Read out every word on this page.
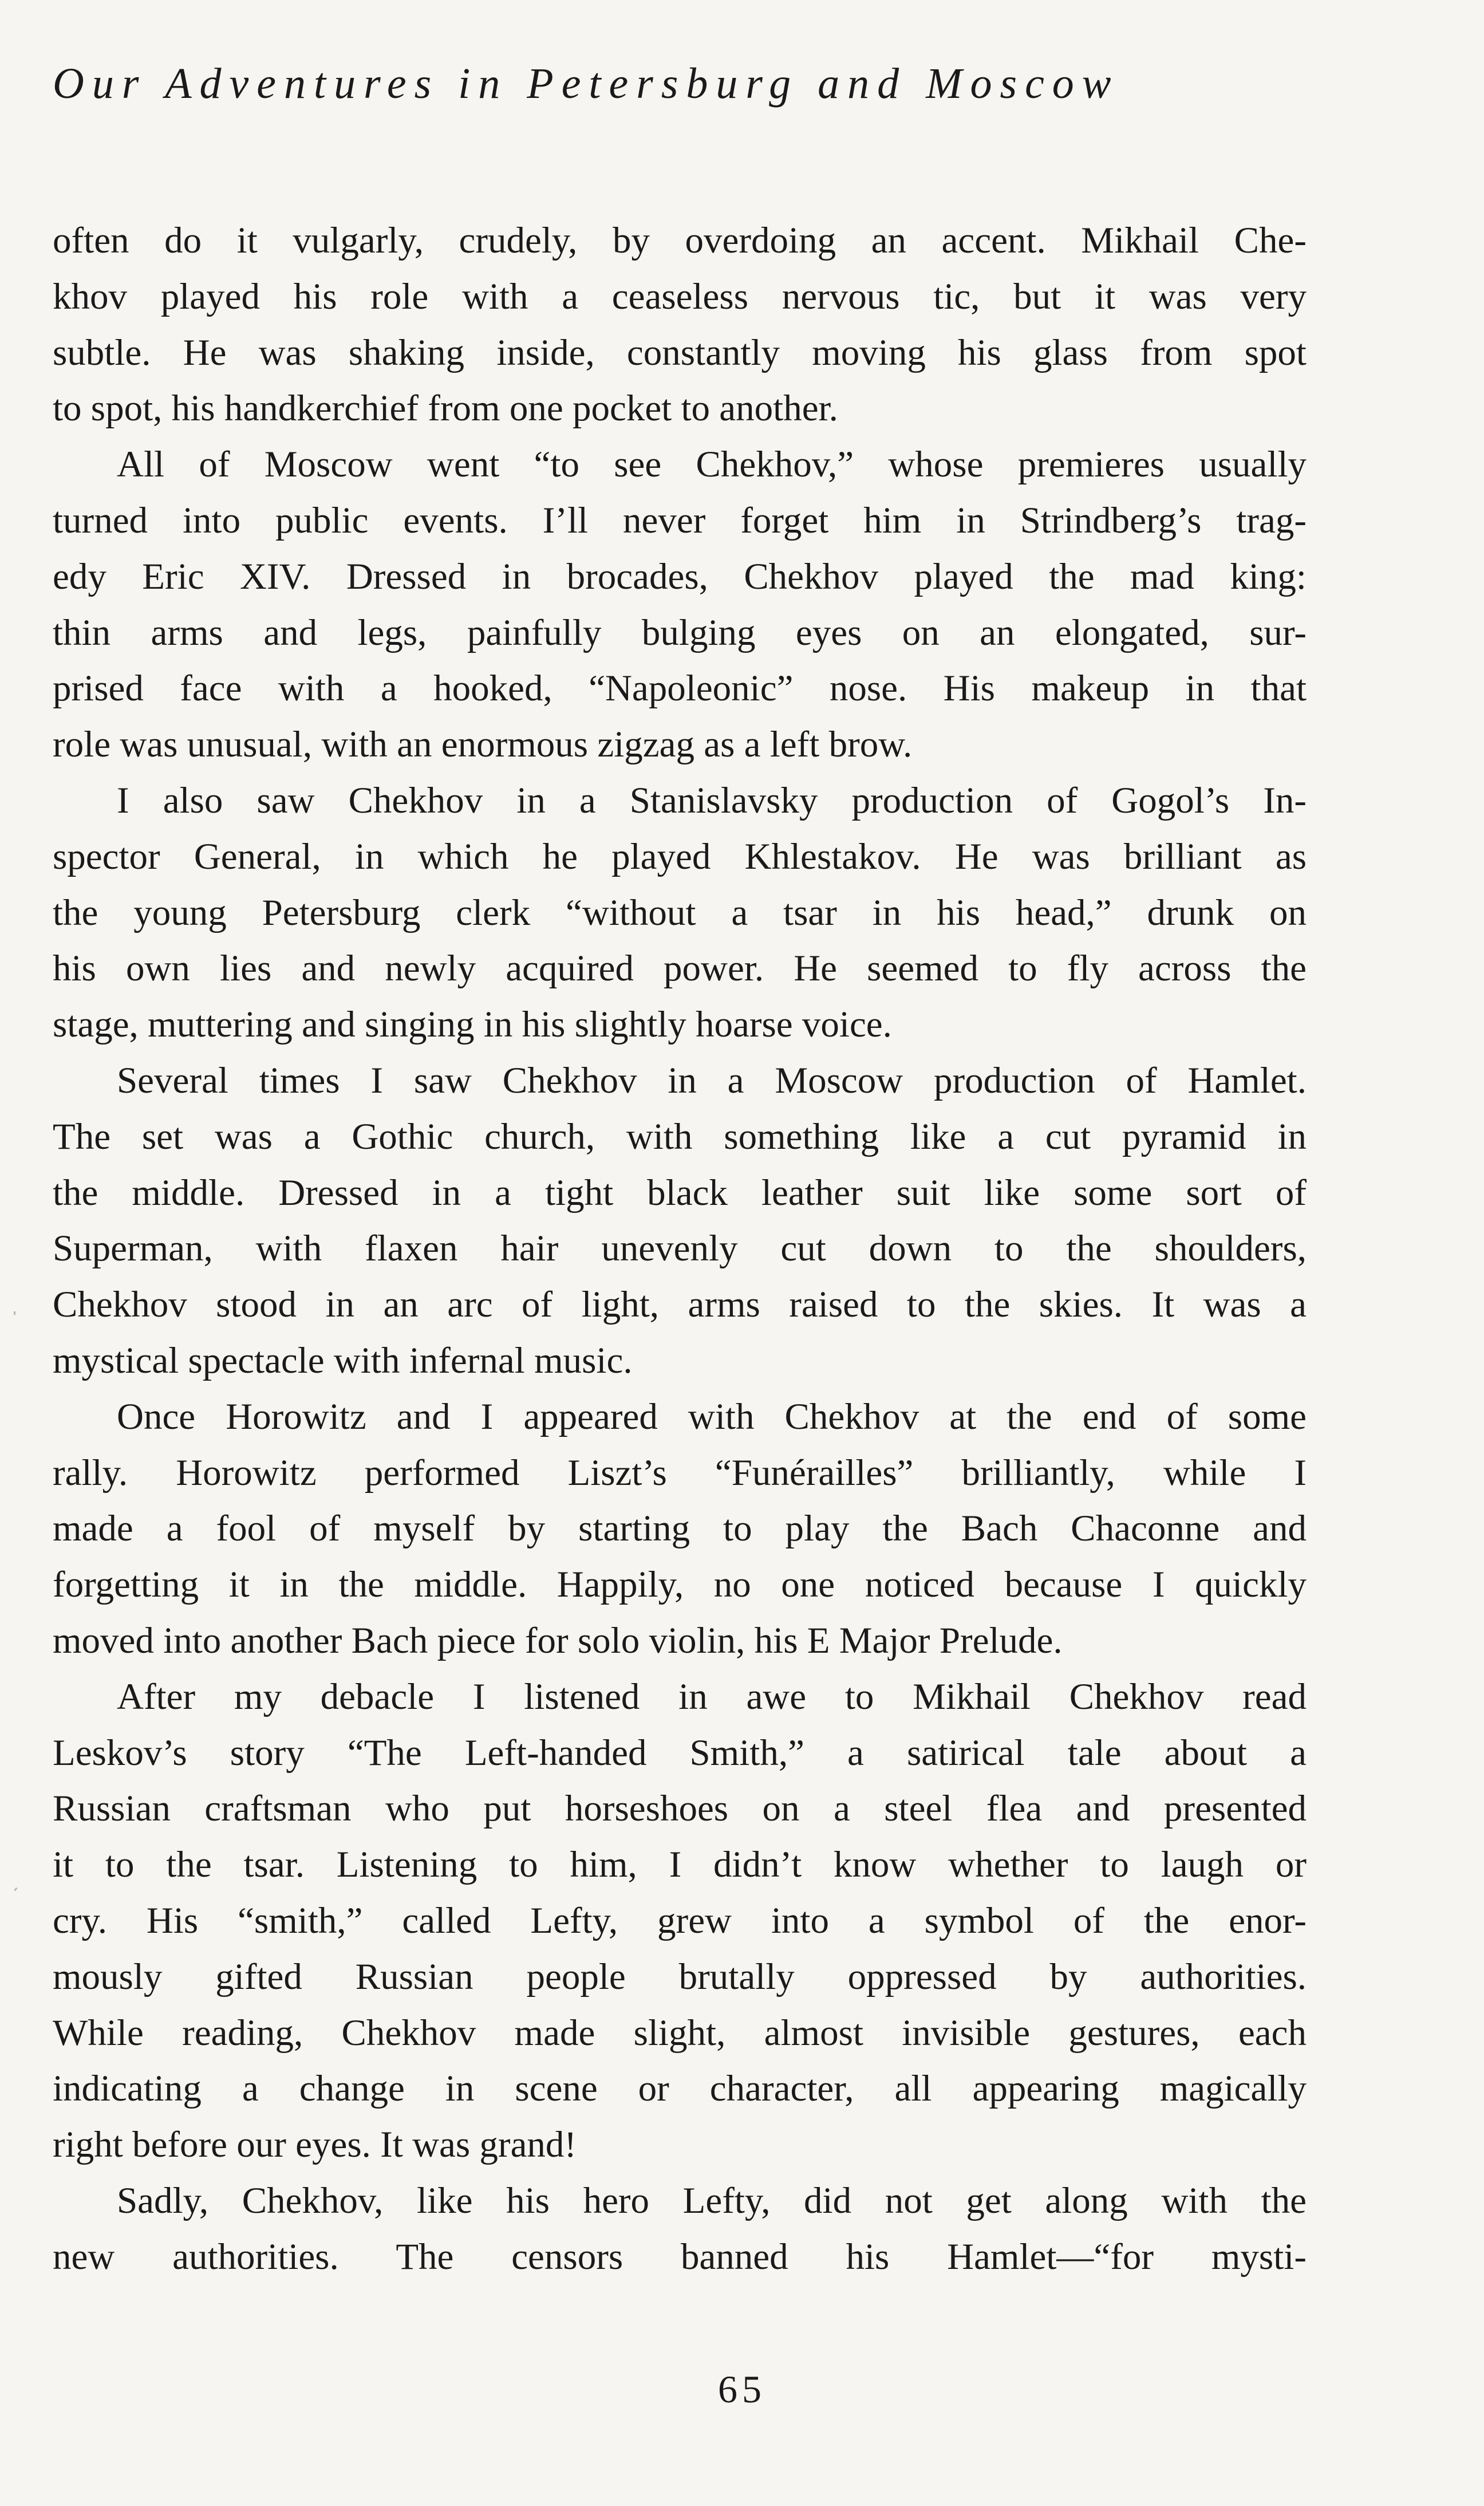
Our Adventures in Petersburg and Moscow

often do it vulgarly, crudely, by overdoing an accent. Mikhail Che-

khov played his role with a ceaseless nervous tic, but it was very

subtle. He was shaking inside, constantly moving his glass from spot

to spot, his handkerchief from one pocket to another.

All of Moscow went “to see Chekhov,” whose premieres usually

turned into public events. I’ll never forget him in Strindberg’s trag-

edy Eric XIV. Dressed in brocades, Chekhov played the mad king:

thin arms and legs, painfully bulging eyes on an elongated, sur-

prised face with a hooked, “Napoleonic” nose. His makeup in that

role was unusual, with an enormous zigzag as a left brow.

I also saw Chekhov in a Stanislavsky production of Gogol’s In-

spector General, in which he played Khlestakov. He was brilliant as

the young Petersburg clerk “without a tsar in his head,” drunk on

his own lies and newly acquired power. He seemed to fly across the

stage, muttering and singing in his slightly hoarse voice.

Several times I saw Chekhov in a Moscow production of Hamlet.

The set was a Gothic church, with something like a cut pyramid in

the middle. Dressed in a tight black leather suit like some sort of

Superman, with flaxen hair unevenly cut down to the shoulders,

Chekhov stood in an arc of light, arms raised to the skies. It was a

mystical spectacle with infernal music.

Once Horowitz and I appeared with Chekhov at the end of some

rally. Horowitz performed Liszt’s “Funérailles” brilliantly, while I

made a fool of myself by starting to play the Bach Chaconne and

forgetting it in the middle. Happily, no one noticed because I quickly

moved into another Bach piece for solo violin, his E Major Prelude.

After my debacle I listened in awe to Mikhail Chekhov read

Leskov’s story “The Left-handed Smith,” a satirical tale about a

Russian craftsman who put horseshoes on a steel flea and presented

it to the tsar. Listening to him, I didn’t know whether to laugh or

cry. His “smith,” called Lefty, grew into a symbol of the enor-

mously gifted Russian people brutally oppressed by authorities.

While reading, Chekhov made slight, almost invisible gestures, each

indicating a change in scene or character, all appearing magically

right before our eyes. It was grand!

Sadly, Chekhov, like his hero Lefty, did not get along with the

new authorities. The censors banned his Hamlet—“for mysti-

65
